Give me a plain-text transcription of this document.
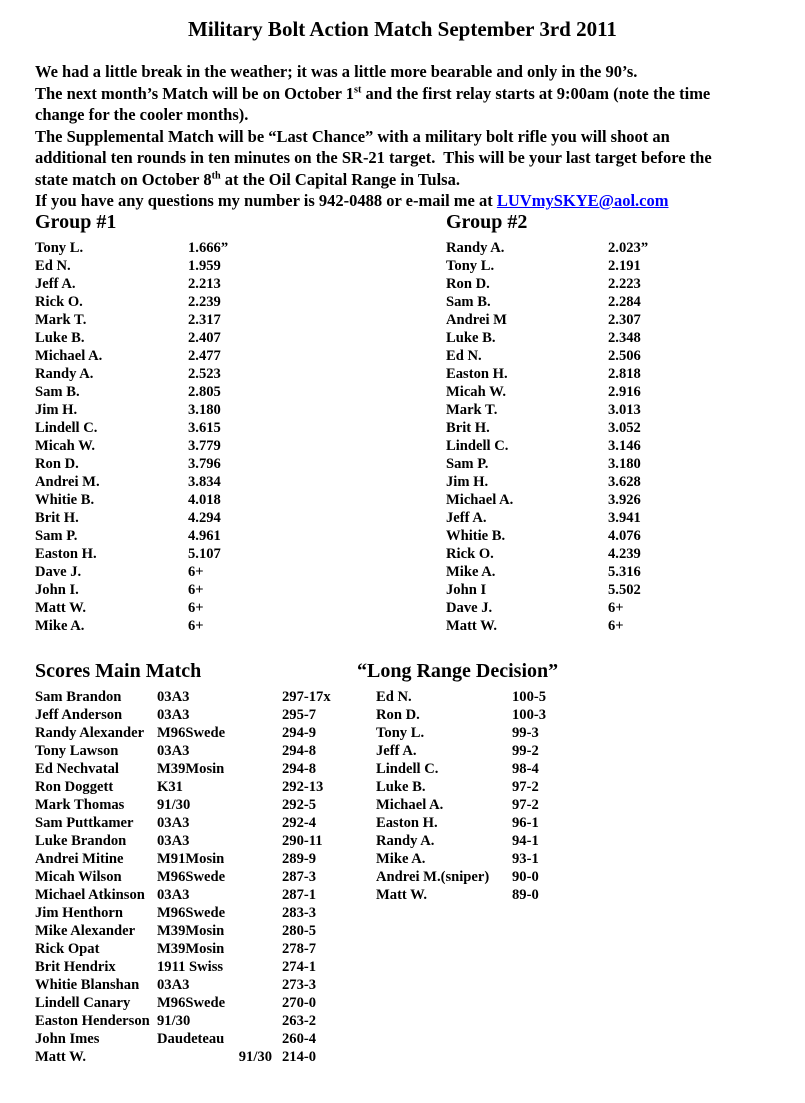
Military Bolt Action Match September 3rd 2011
We had a little break in the weather; it was a little more bearable and only in the 90’s.
The next month’s Match will be on October 1st and the first relay starts at 9:00am (note the time
change for the cooler months).
The Supplemental Match will be “Last Chance” with a military bolt rifle you will shoot an
additional ten rounds in ten minutes on the SR-21 target.  This will be your last target before the
state match on October 8th at the Oil Capital Range in Tulsa.
If you have any questions my number is 942-0488 or e-mail me at LUVmySKYE@aol.com
Group #1
Tony L.	1.666”
Ed N.	1.959
Jeff A.	2.213
Rick O.	2.239
Mark T.	2.317
Luke B.	2.407
Michael A.	2.477
Randy A.	2.523
Sam B.	2.805
Jim H.	3.180
Lindell C.	3.615
Micah W.	3.779
Ron D.	3.796
Andrei M.	3.834
Whitie B.	4.018
Brit H.	4.294
Sam P.	4.961
Easton H.	5.107
Dave J.	6+
John I.	6+
Matt W.	6+
Mike A.	6+
Group #2
Randy A.	2.023”
Tony L.	2.191
Ron D.	2.223
Sam B.	2.284
Andrei M	2.307
Luke B.	2.348
Ed N.	2.506
Easton H.	2.818
Micah W.	2.916
Mark T.	3.013
Brit H.	3.052
Lindell C.	3.146
Sam P.	3.180
Jim H.	3.628
Michael A.	3.926
Jeff A.	3.941
Whitie B.	4.076
Rick O.	4.239
Mike A.	5.316
John I	5.502
Dave J.	6+
Matt W.	6+
Scores Main Match
Sam Brandon	03A3	297-17x
Jeff Anderson	03A3	295-7
Randy Alexander M96Swede	294-9
Tony Lawson	03A3	294-8
Ed Nechvatal	M39Mosin	294-8
Ron Doggett	K31	292-13
Mark Thomas	91/30	292-5
Sam Puttkamer	03A3	292-4
Luke Brandon	03A3	290-11
Andrei Mitine	M91Mosin	289-9
Micah Wilson	M96Swede	287-3
Michael Atkinson 03A3	287-1
Jim Henthorn	M96Swede	283-3
Mike Alexander	M39Mosin	280-5
Rick Opat	M39Mosin	278-7
Brit Hendrix	1911 Swiss	274-1
Whitie Blanshan	03A3	273-3
Lindell Canary	M96Swede	270-0
Easton Henderson 91/30	263-2
John Imes	Daudeteau	260-4
Matt W.	91/30 214-0
“Long Range Decision”
Ed N.	100-5
Ron D.	100-3
Tony L.	99-3
Jeff A.	99-2
Lindell C.	98-4
Luke B.	97-2
Michael A.	97-2
Easton H.	96-1
Randy A.	94-1
Mike A.	93-1
Andrei M.(sniper)	90-0
Matt W.	89-0
